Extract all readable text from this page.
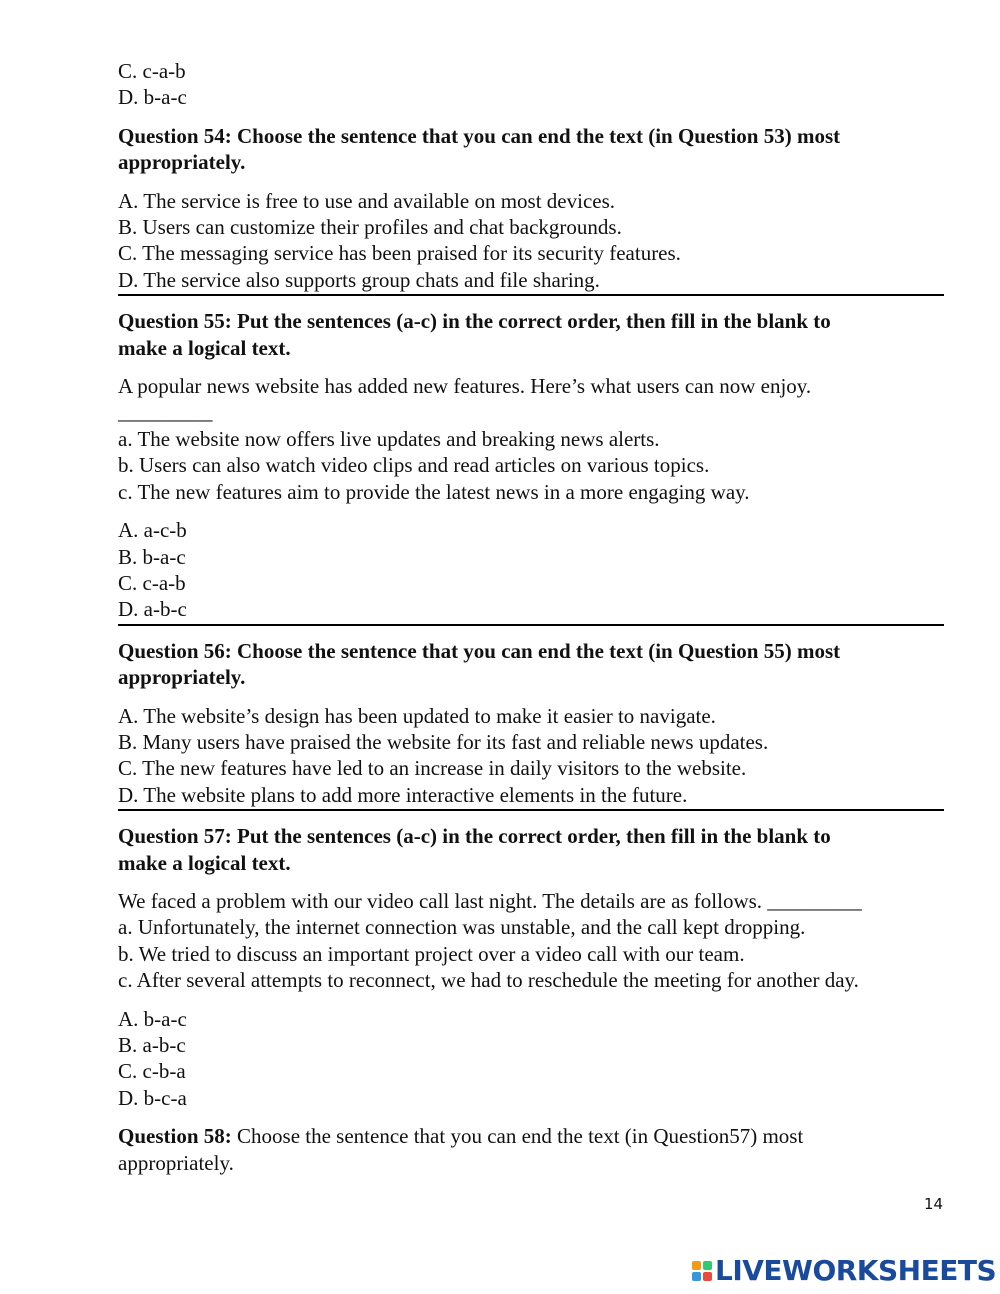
C. c-a-b
D. b-a-c
Question 54: Choose the sentence that you can end the text (in Question 53) most
appropriately.
A. The service is free to use and available on most devices.
B. Users can customize their profiles and chat backgrounds.
C. The messaging service has been praised for its security features.
D. The service also supports group chats and file sharing.
Question 55: Put the sentences (a-c) in the correct order, then fill in the blank to
make a logical text.
A popular news website has added new features. Here’s what users can now enjoy.
_________
a. The website now offers live updates and breaking news alerts.
b. Users can also watch video clips and read articles on various topics.
c. The new features aim to provide the latest news in a more engaging way.
A. a-c-b
B. b-a-c
C. c-a-b
D. a-b-c
Question 56: Choose the sentence that you can end the text (in Question 55) most
appropriately.
A. The website’s design has been updated to make it easier to navigate.
B. Many users have praised the website for its fast and reliable news updates.
C. The new features have led to an increase in daily visitors to the website.
D. The website plans to add more interactive elements in the future.
Question 57: Put the sentences (a-c) in the correct order, then fill in the blank to
make a logical text.
We faced a problem with our video call last night. The details are as follows. _________
a. Unfortunately, the internet connection was unstable, and the call kept dropping.
b. We tried to discuss an important project over a video call with our team.
c. After several attempts to reconnect, we had to reschedule the meeting for another day.
A. b-a-c
B. a-b-c
C. c-b-a
D. b-c-a
Question 58: Choose the sentence that you can end the text (in Question57) most
appropriately.
14
LIVEWORKSHEETS
